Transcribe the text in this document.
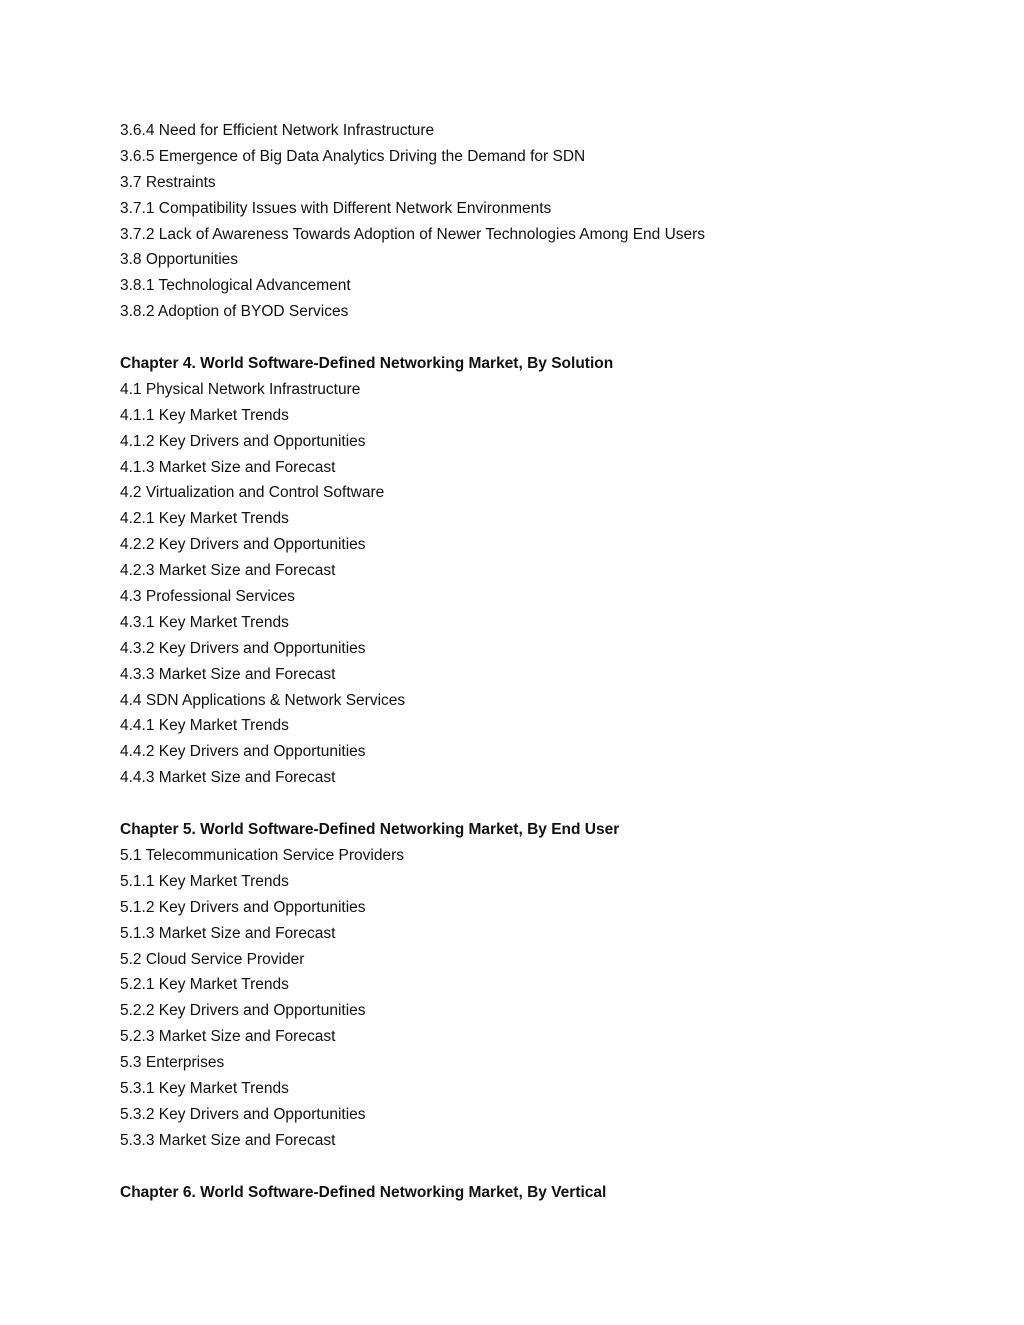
3.6.4 Need for Efficient Network Infrastructure
3.6.5 Emergence of Big Data Analytics Driving the Demand for SDN
3.7 Restraints
3.7.1 Compatibility Issues with Different Network Environments
3.7.2 Lack of Awareness Towards Adoption of Newer Technologies Among End Users
3.8 Opportunities
3.8.1 Technological Advancement
3.8.2 Adoption of BYOD Services
Chapter 4. World Software-Defined Networking Market, By Solution
4.1 Physical Network Infrastructure
4.1.1 Key Market Trends
4.1.2 Key Drivers and Opportunities
4.1.3 Market Size and Forecast
4.2 Virtualization and Control Software
4.2.1 Key Market Trends
4.2.2 Key Drivers and Opportunities
4.2.3 Market Size and Forecast
4.3 Professional Services
4.3.1 Key Market Trends
4.3.2 Key Drivers and Opportunities
4.3.3 Market Size and Forecast
4.4 SDN Applications & Network Services
4.4.1 Key Market Trends
4.4.2 Key Drivers and Opportunities
4.4.3 Market Size and Forecast
Chapter 5. World Software-Defined Networking Market, By End User
5.1 Telecommunication Service Providers
5.1.1 Key Market Trends
5.1.2 Key Drivers and Opportunities
5.1.3 Market Size and Forecast
5.2 Cloud Service Provider
5.2.1 Key Market Trends
5.2.2 Key Drivers and Opportunities
5.2.3 Market Size and Forecast
5.3 Enterprises
5.3.1 Key Market Trends
5.3.2 Key Drivers and Opportunities
5.3.3 Market Size and Forecast
Chapter 6. World Software-Defined Networking Market, By Vertical
